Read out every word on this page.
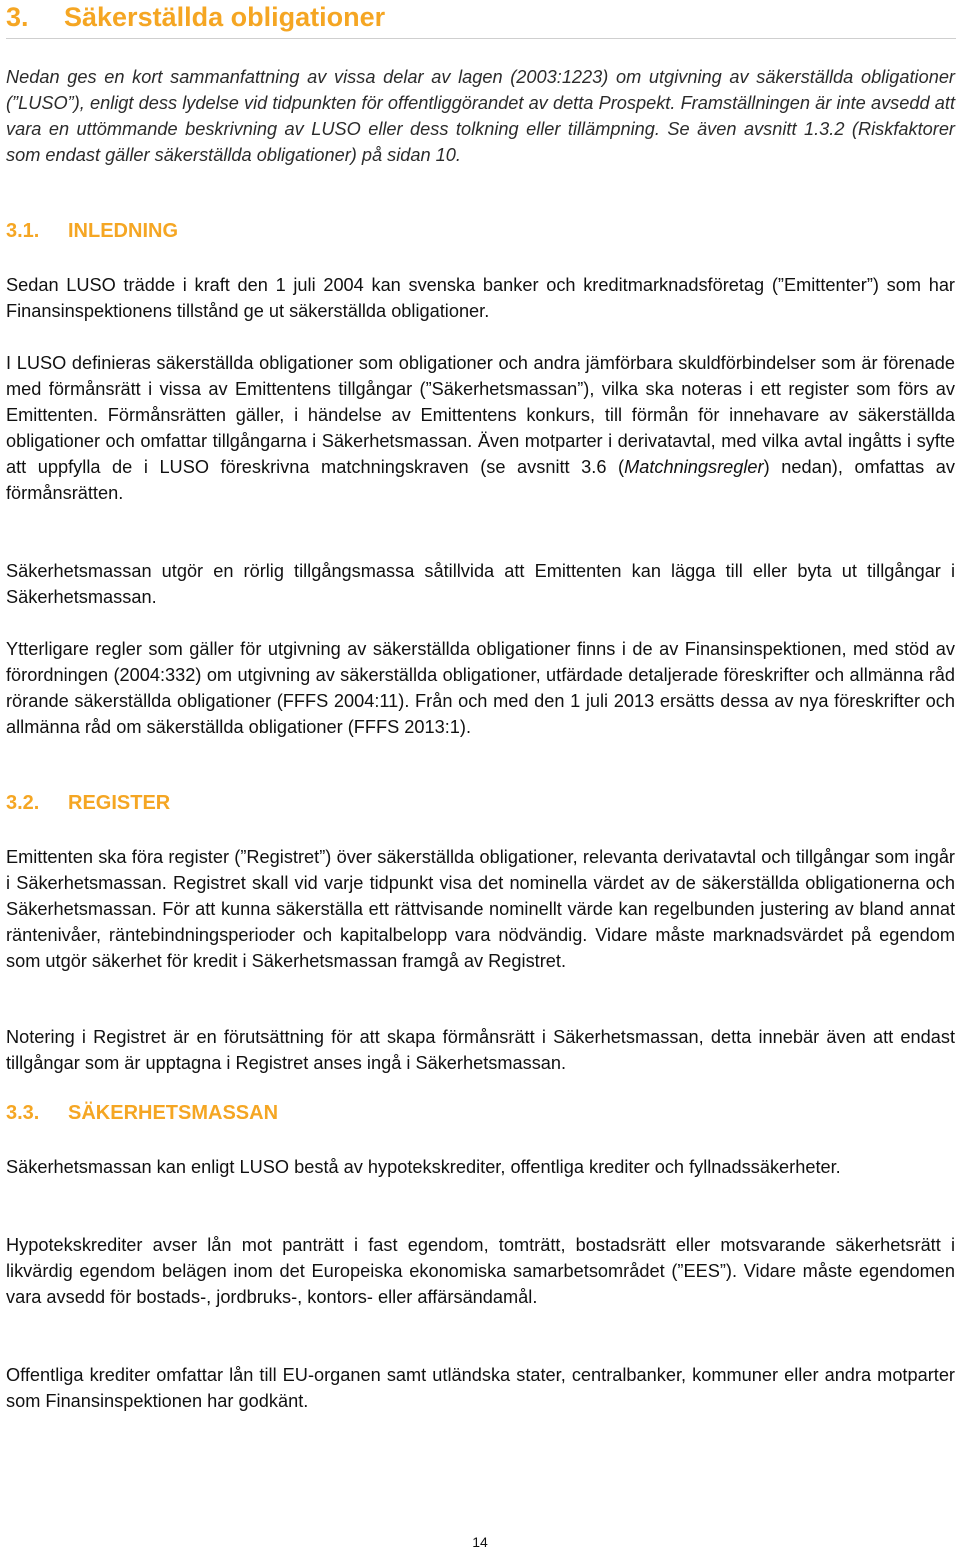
3.	Säkerställda obligationer

Nedan ges en kort sammanfattning av vissa delar av lagen (2003:1223) om utgivning av säkerställda obligationer (”LUSO”), enligt dess lydelse vid tidpunkten för offentliggörandet av detta Prospekt. Framställningen är inte avsedd att vara en uttömmande beskrivning av LUSO eller dess tolkning eller tillämpning. Se även avsnitt 1.3.2 (Riskfaktorer som endast gäller säkerställda obligationer) på sidan 10.

3.1.	INLEDNING

Sedan LUSO trädde i kraft den 1 juli 2004 kan svenska banker och kreditmarknadsföretag (”Emittenter”) som har Finansinspektionens tillstånd ge ut säkerställda obligationer.

I LUSO definieras säkerställda obligationer som obligationer och andra jämförbara skuldförbindelser som är förenade med förmånsrätt i vissa av Emittentens tillgångar (”Säkerhetsmassan”), vilka ska noteras i ett register som förs av Emittenten. Förmånsrätten gäller, i händelse av Emittentens konkurs, till förmån för innehavare av säkerställda obligationer och omfattar tillgångarna i Säkerhetsmassan. Även motparter i derivatavtal, med vilka avtal ingåtts i syfte att uppfylla de i LUSO föreskrivna matchningskraven (se avsnitt 3.6 (Matchningsregler) nedan), omfattas av förmånsrätten.

Säkerhetsmassan utgör en rörlig tillgångsmassa såtillvida att Emittenten kan lägga till eller byta ut tillgångar i Säkerhetsmassan.

Ytterligare regler som gäller för utgivning av säkerställda obligationer finns i de av Finansinspektionen, med stöd av förordningen (2004:332) om utgivning av säkerställda obligationer, utfärdade detaljerade föreskrifter och allmänna råd rörande säkerställda obligationer (FFFS 2004:11). Från och med den 1 juli 2013 ersätts dessa av nya föreskrifter och allmänna råd om säkerställda obligationer (FFFS 2013:1).

3.2.	REGISTER

Emittenten ska föra register (”Registret”) över säkerställda obligationer, relevanta derivatavtal och tillgångar som ingår i Säkerhetsmassan. Registret skall vid varje tidpunkt visa det nominella värdet av de säkerställda obligationerna och Säkerhetsmassan. För att kunna säkerställa ett rättvisande nominellt värde kan regelbunden justering av bland annat räntenivåer, räntebindningsperioder och kapitalbelopp vara nödvändig. Vidare måste marknadsvärdet på egendom som utgör säkerhet för kredit i Säkerhetsmassan framgå av Registret.

Notering i Registret är en förutsättning för att skapa förmånsrätt i Säkerhetsmassan, detta innebär även att endast tillgångar som är upptagna i Registret anses ingå i Säkerhetsmassan.

3.3.	SÄKERHETSMASSAN

Säkerhetsmassan kan enligt LUSO bestå av hypotekskrediter, offentliga krediter och fyllnadssäkerheter.

Hypotekskrediter avser lån mot panträtt i fast egendom, tomträtt, bostadsrätt eller motsvarande säkerhetsrätt i likvärdig egendom belägen inom det Europeiska ekonomiska samarbetsområdet (”EES”). Vidare måste egendomen vara avsedd för bostads-, jordbruks-, kontors- eller affärsändamål.

Offentliga krediter omfattar lån till EU-organen samt utländska stater, centralbanker, kommuner eller andra motparter som Finansinspektionen har godkänt.

14
